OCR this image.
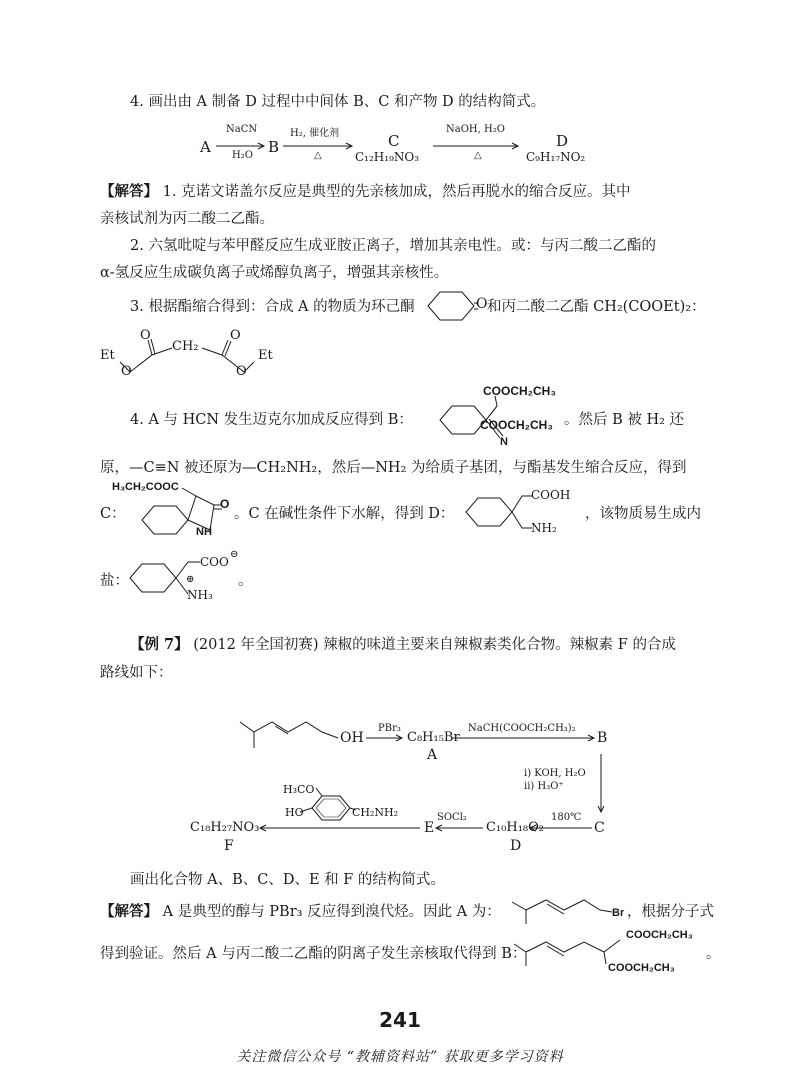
4. 画出由 A 制备 D 过程中中间体 B、C 和产物 D 的结构简式。
A
NaCN
H₂O B
H₂, 催化剂
△
C
C₁₂H₁₉NO₃
NaOH, H₂O
△
D
C₉H₁₇NO₂
【解答】 1. 克诺文诺盖尔反应是典型的先亲核加成，然后再脱水的缩合反应。其中
亲核试剂为丙二酸二乙酯。
2. 六氢吡啶与苯甲醛反应生成亚胺正离子，增加其亲电性。或：与丙二酸二乙酯的
α-氢反应生成碳负离子或烯醇负离子，增强其亲核性。
3. 根据酯缩合得到：合成 A 的物质为环己酮	和丙二酸二乙酯 CH₂(COOEt)₂：
Et
O
O
CH₂
O
O
Et
O
4. A 与 HCN 发生迈克尔加成反应得到 B：
COOCH₂CH₃
COOCH₂CH₃
N
。然后 B 被 H₂ 还
原，—C≡N 被还原为—CH₂NH₂，然后—NH₂ 为给质子基团，与酯基发生缩合反应，得到
C：
H₃CH₂COOC
O
NH
。C 在碱性条件下水解，得到 D：
COOH
NH₂
，该物质易生成内
盐：
COO
⊖
⊕
NH₃
。
【例 7】 (2012 年全国初赛) 辣椒的味道主要来自辣椒素类化合物。辣椒素 F 的合成
路线如下：
OH
PBr₃
C₈H₁₅Br
A
NaCH(COOCH₂CH₃)₂
B
i) KOH, H₂O
ii) H₃O⁺
C
180℃
C₁₀H₁₈O₂
D
E
SOCl₂
H₃CO
HO	CH₂NH₂
C₁₈H₂₇NO₃
F
画出化合物 A、B、C、D、E 和 F 的结构简式。
【解答】 A 是典型的醇与 PBr₃ 反应得到溴代烃。因此 A 为：	Br ，根据分子式
得到验证。然后 A 与丙二酸二乙酯的阴离子发生亲核取代得到 B：
COOCH₂CH₃
COOCH₂CH₃
。
241
关注微信公众号 “教辅资料站” 获取更多学习资料
